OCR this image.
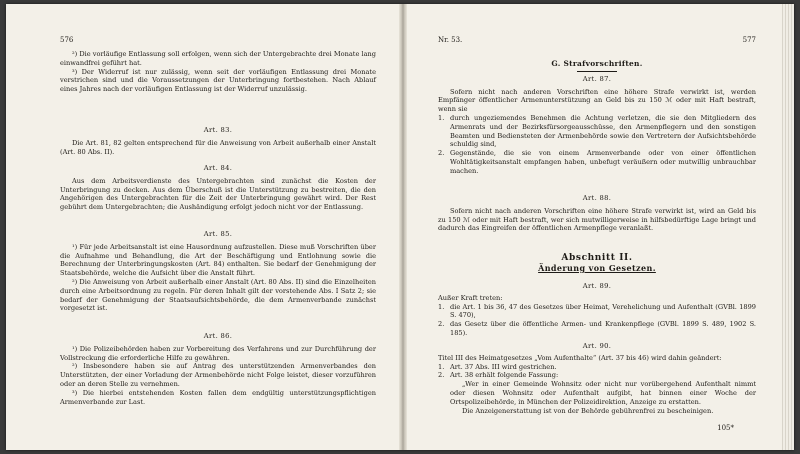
576

²) Die vorläufige Entlassung soll erfolgen, wenn sich der Untergebrachte drei Monate lang einwandfrei geführt hat.

³) Der Widerruf ist nur zulässig, wenn seit der vorläufigen Entlassung drei Monate verstrichen sind und die Voraussetzungen der Unterbringung fortbestehen. Nach Ablauf eines Jahres nach der vorläufigen Entlassung ist der Widerruf unzulässig.

Art. 83.

Die Art. 81, 82 gelten entsprechend für die Anweisung von Arbeit außerhalb einer Anstalt (Art. 80 Abs. II).

Art. 84.

Aus dem Arbeitsverdienste des Untergebrachten sind zunächst die Kosten der Unterbringung zu decken. Aus dem Überschuß ist die Unterstützung zu bestreiten, die den Angehörigen des Untergebrachten für die Zeit der Unterbringung gewährt wird. Der Rest gebührt dem Untergebrachten; die Aushändigung erfolgt jedoch nicht vor der Entlassung.

Art. 85.

¹) Für jede Arbeitsanstalt ist eine Hausordnung aufzustellen. Diese muß Vorschriften über die Aufnahme und Behandlung, die Art der Beschäftigung und Entlohnung sowie die Berechnung der Unterbringungskosten (Art. 84) enthalten. Sie bedarf der Genehmigung der Staatsbehörde, welche die Aufsicht über die Anstalt führt.

²) Die Anweisung von Arbeit außerhalb einer Anstalt (Art. 80 Abs. II) sind die Einzelheiten durch eine Arbeitsordnung zu regeln. Für deren Inhalt gilt der vorstehende Abs. I Satz 2; sie bedarf der Genehmigung der Staatsaufsichtsbehörde, die dem Armenverbande zunächst vorgesetzt ist.

Art. 86.

¹) Die Polizeibehörden haben zur Vorbereitung des Verfahrens und zur Durchführung der Vollstreckung die erforderliche Hilfe zu gewähren.

²) Insbesondere haben sie auf Antrag des unterstützenden Armenverbandes den Unterstützten, der einer Vorladung der Armenbehörde nicht Folge leistet, dieser vorzuführen oder an deren Stelle zu vernehmen.

³) Die hierbei entstehenden Kosten fallen dem endgültig unterstützungspflichtigen Armenverbande zur Last.

Nr. 53.	577

G. Strafvorschriften.

Art. 87.

Sofern nicht nach anderen Vorschriften eine höhere Strafe verwirkt ist, werden Empfänger öffentlicher Armenunterstützung an Geld bis zu 150 ℳ oder mit Haft bestraft, wenn sie

1. durch ungeziemendes Benehmen die Achtung verletzen, die sie den Mitgliedern des Armenrats und der Bezirksfürsorgeausschüsse, den Armenpflegern und den sonstigen Beamten und Bediensteten der Armenbehörde sowie den Vertretern der Aufsichtsbehörde schuldig sind,
2. Gegenstände, die sie von einem Armenverbande oder von einer öffentlichen Wohltätigkeitsanstalt empfangen haben, unbefugt veräußern oder mutwillig unbrauchbar machen.

Art. 88.

Sofern nicht nach anderen Vorschriften eine höhere Strafe verwirkt ist, wird an Geld bis zu 150 ℳ oder mit Haft bestraft, wer sich mutwilligerweise in hilfsbedürftige Lage bringt und dadurch das Eingreifen der öffentlichen Armenpflege veranlaßt.

Abschnitt II.

Änderung von Gesetzen.

Art. 89.

Außer Kraft treten:

1. die Art. 1 bis 36, 47 des Gesetzes über Heimat, Verehelichung und Aufenthalt (GVBl. 1899 S. 470),
2. das Gesetz über die öffentliche Armen- und Krankenpflege (GVBl. 1899 S. 489, 1902 S. 185).

Art. 90.

Titel III des Heimatgesetzes „Vom Aufenthalte“ (Art. 37 bis 46) wird dahin geändert:

1. Art. 37 Abs. III wird gestrichen.
2. Art. 38 erhält folgende Fassung:

„Wer in einer Gemeinde Wohnsitz oder nicht nur vorübergehend Aufenthalt nimmt oder diesen Wohnsitz oder Aufenthalt aufgibt, hat binnen einer Woche der Ortspolizeibehörde, in München der Polizeidirektion, Anzeige zu erstatten.

Die Anzeigenerstattung ist von der Behörde gebührenfrei zu bescheinigen.

105*
